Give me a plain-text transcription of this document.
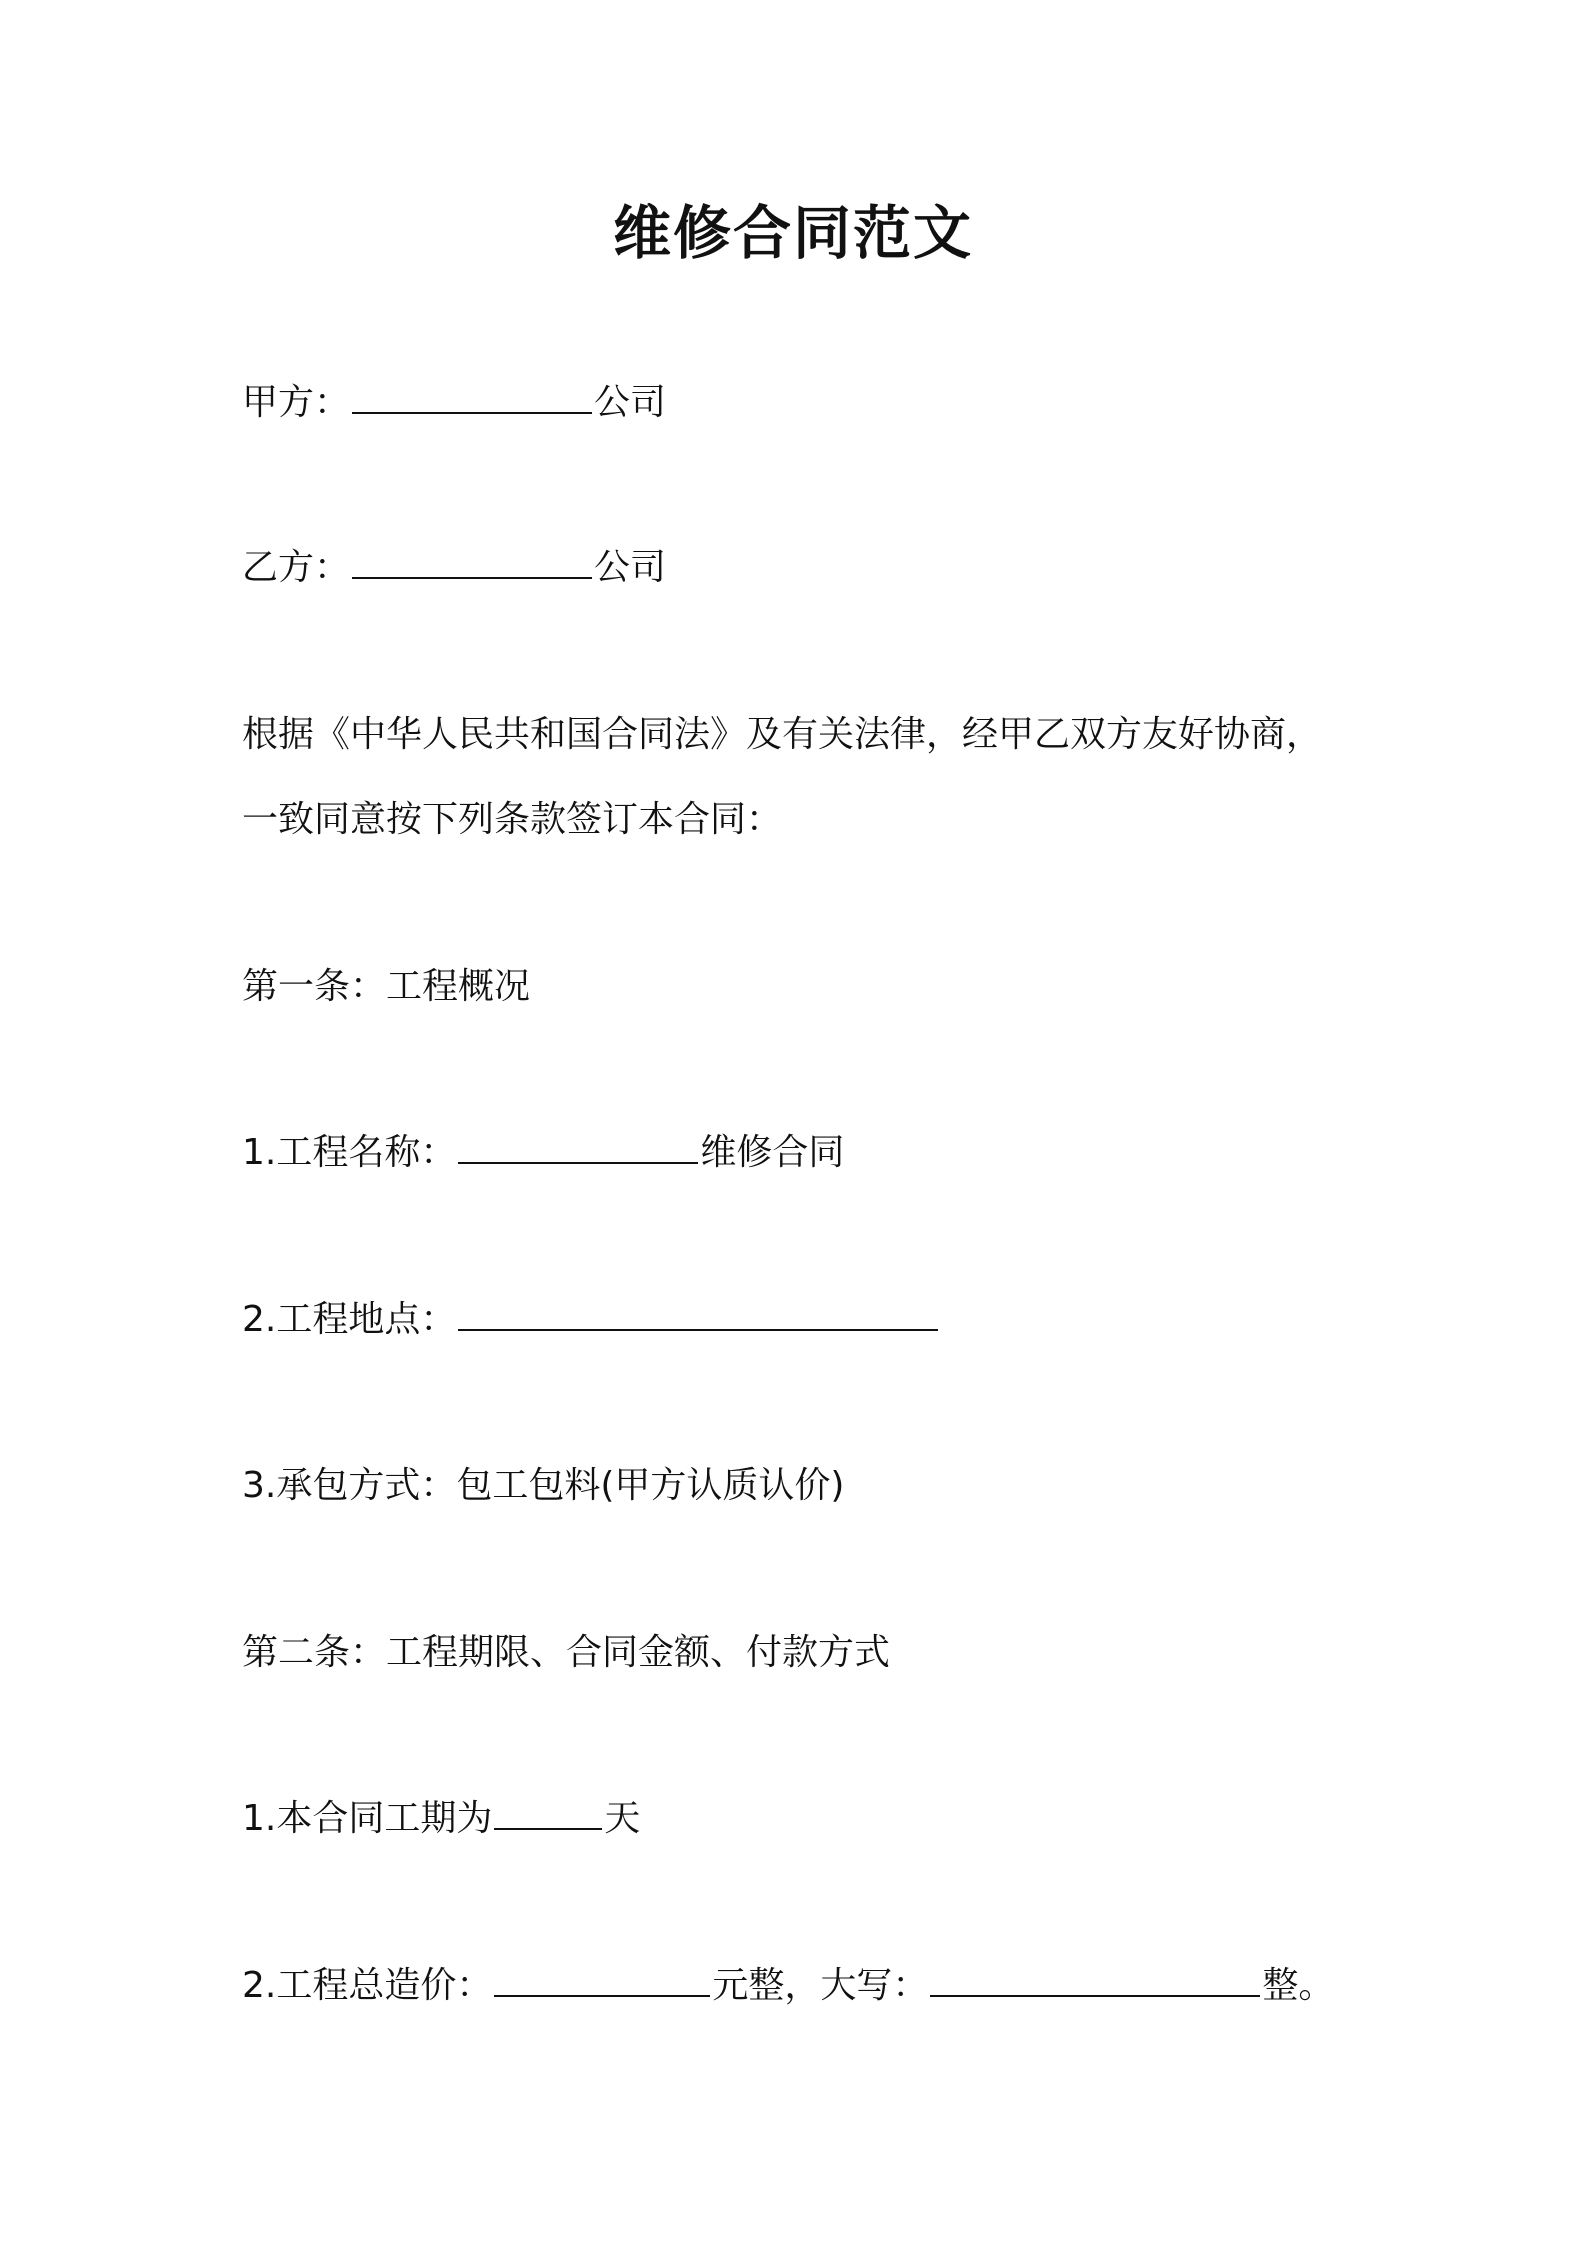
维修合同范文
甲方：	公司
乙方：	公司
根据《中华人民共和国合同法》及有关法律，经甲乙双方友好协商，
一致同意按下列条款签订本合同：
第一条：工程概况
1.工程名称：	维修合同
2.工程地点：
3.承包方式：包工包料(甲方认质认价)
第二条：工程期限、合同金额、付款方式
1.本合同工期为	天
2.工程总造价：	元整，大写：	整。
